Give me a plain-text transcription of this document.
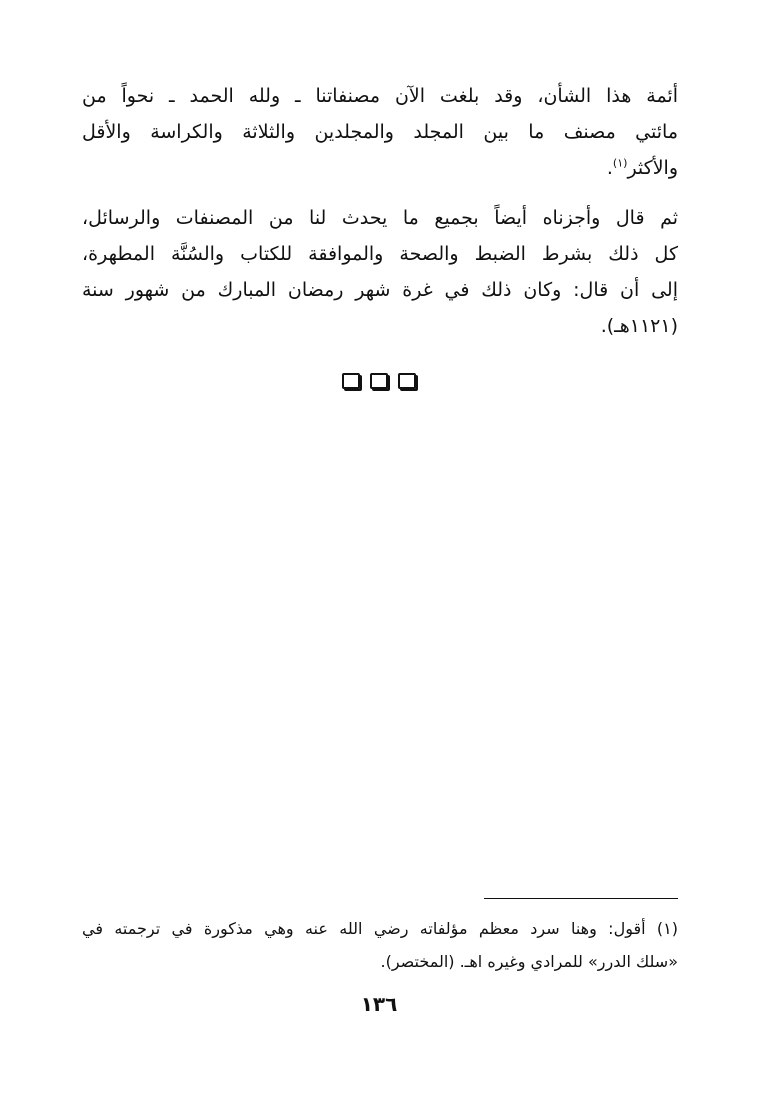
أئمة هذا الشأن، وقد بلغت الآن مصنفاتنا ـ ولله الحمد ـ نحواً من
مائتي مصنف ما بين المجلد والمجلدين والثلاثة والكراسة والأقل
والأكثر$^{(١)}$.
ثم قال وأجزناه أيضاً بجميع ما يحدث لنا من المصنفات والرسائل،
كل ذلك بشرط الضبط والصحة والموافقة للكتاب والسُنَّة المطهرة،
إلى أن قال: وكان ذلك في غرة شهر رمضان المبارك من شهور سنة
(١١٢١هـ).
(١) أقول: وهنا سرد معظم مؤلفاته رضي الله عنه وهي مذكورة في ترجمته في
«سلك الدرر» للمرادي وغيره اهـ. (المختصر).
١٣٦
